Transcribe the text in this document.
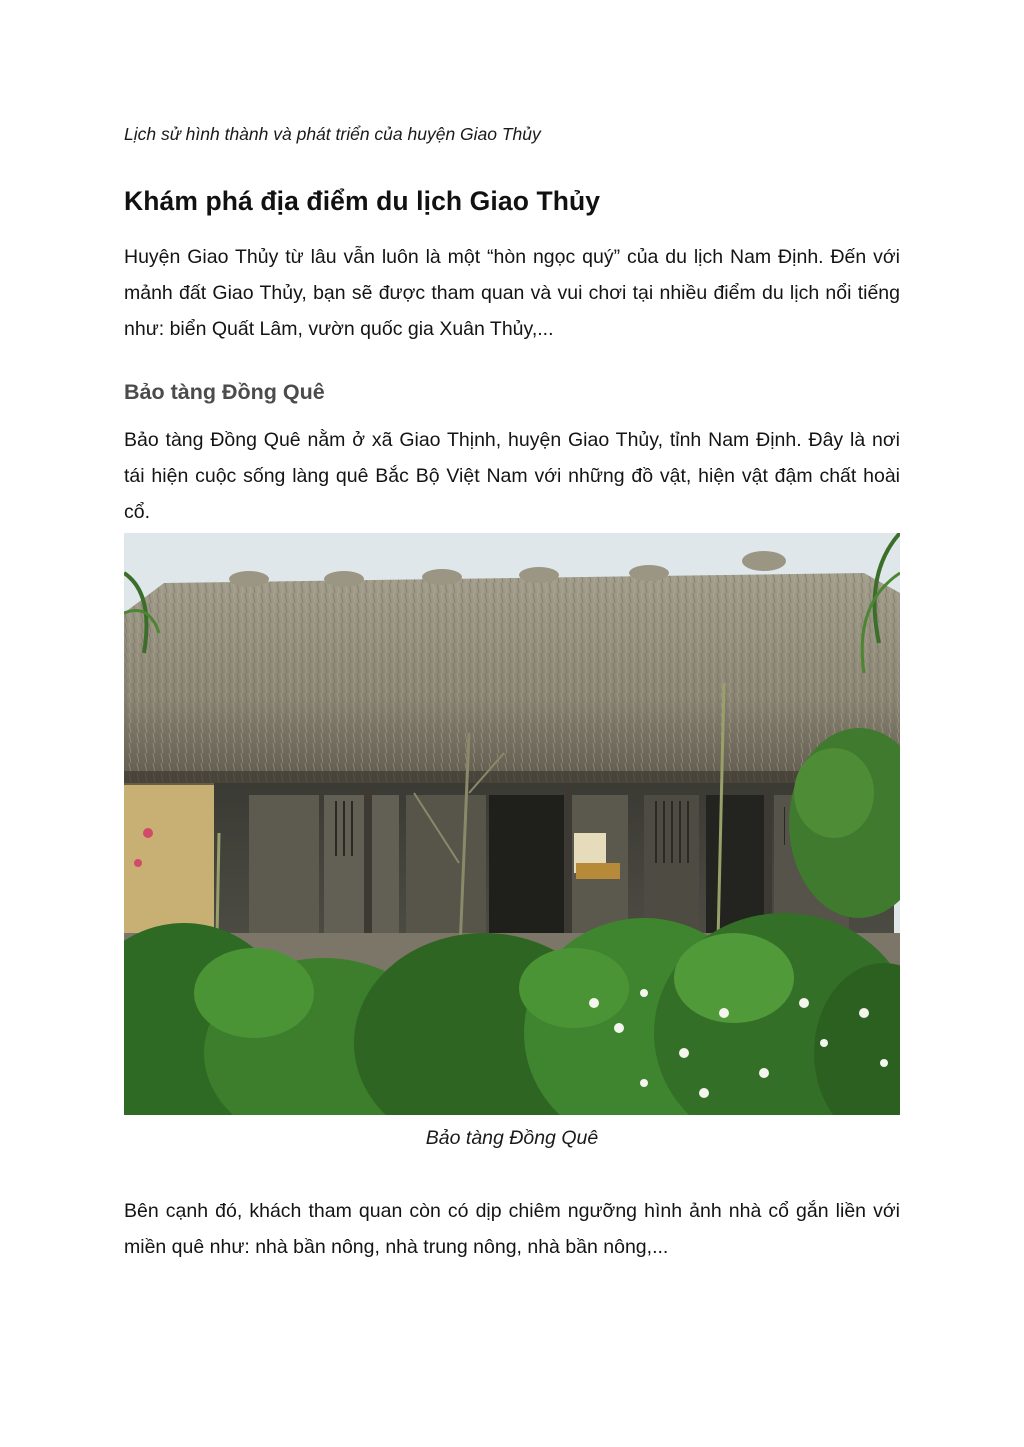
Lịch sử hình thành và phát triển của huyện Giao Thủy
Khám phá địa điểm du lịch Giao Thủy

Huyện Giao Thủy từ lâu vẫn luôn là một “hòn ngọc quý” của du lịch Nam Định. Đến với mảnh đất Giao Thủy, bạn sẽ được tham quan và vui chơi tại nhiều điểm du lịch nổi tiếng như: biển Quất Lâm, vườn quốc gia Xuân Thủy,...

Bảo tàng Đồng Quê

Bảo tàng Đồng Quê nằm ở xã Giao Thịnh, huyện Giao Thủy, tỉnh Nam Định. Đây là nơi tái hiện cuộc sống làng quê Bắc Bộ Việt Nam với những đồ vật, hiện vật đậm chất hoài cổ.

Bảo tàng Đồng Quê

Bên cạnh đó, khách tham quan còn có dịp chiêm ngưỡng hình ảnh nhà cổ gắn liền với miền quê như: nhà bần nông, nhà trung nông, nhà bần nông,...
